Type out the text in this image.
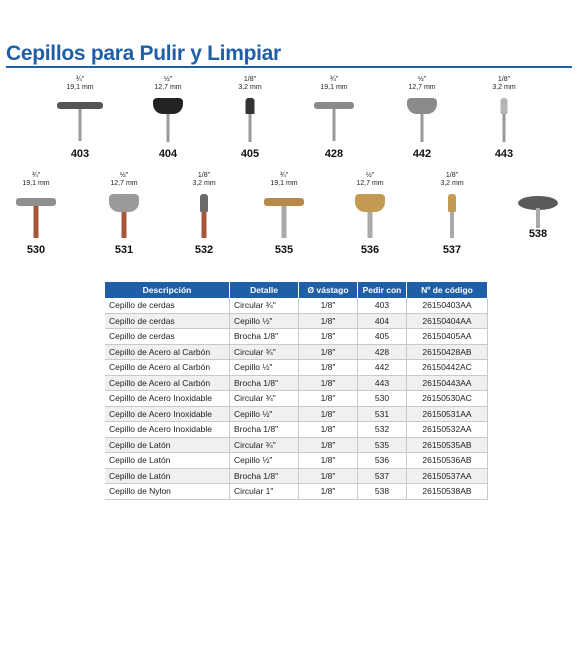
Cepillos para Pulir y Limpiar
¾"
19,1 mm
403
½"
12,7 mm
404
1/8"
3,2 mm
405
¾"
19,1 mm
428
½"
12,7 mm
442
1/8"
3,2 mm
443
¾"
19,1 mm
530
½"
12,7 mm
531
1/8"
3,2 mm
532
¾"
19,1 mm
535
½"
12,7 mm
536
1/8"
3,2 mm
537
538
Descripción	Detalle	Ø vástago	Pedir con	Nº de código
Cepillo de cerdas	Circular ¾"	1/8"	403	26150403AA
Cepillo de cerdas	Cepillo ½"	1/8"	404	26150404AA
Cepillo de cerdas	Brocha 1/8"	1/8"	405	26150405AA
Cepillo de Acero al Carbón	Circular ¾"	1/8"	428	26150428AB
Cepillo de Acero al Carbón	Cepillo ½"	1/8"	442	26150442AC
Cepillo de Acero al Carbón	Brocha 1/8"	1/8"	443	26150443AA
Cepillo de Acero Inoxidable	Circular ¾"	1/8"	530	26150530AC
Cepillo de Acero Inoxidable	Cepillo ½"	1/8"	531	26150531AA
Cepillo de Acero Inoxidable	Brocha 1/8"	1/8"	532	26150532AA
Cepillo de Latón	Circular ¾"	1/8"	535	26150535AB
Cepillo de Latón	Cepillo ½"	1/8"	536	26150536AB
Cepillo de Latón	Brocha 1/8"	1/8"	537	26150537AA
Cepillo de Nylon	Circular 1"	1/8"	538	26150538AB
